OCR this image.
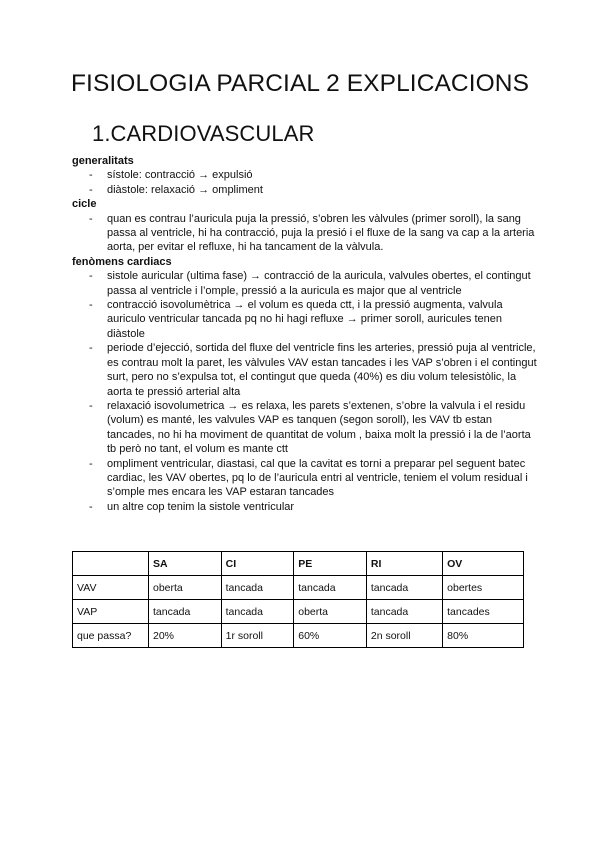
FISIOLOGIA PARCIAL 2 EXPLICACIONS
1.CARDIOVASCULAR

generalitats

- sístole: contracció → expulsió
- diàstole: relaxació → ompliment

cicle

- quan es contrau l’auricula puja la pressió, s’obren les vàlvules (primer soroll), la sang passa al ventricle, hi ha contracció, puja la presió i el fluxe de la sang va cap a la arteria aorta, per evitar el refluxe, hi ha tancament de la vàlvula.

fenòmens cardiacs

- sistole auricular (ultima fase) → contracció de la auricula, valvules obertes, el contingut passa al ventricle i l’omple, pressió a la auricula es major que al ventricle
- contracció isovolumètrica → el volum es queda ctt, i la pressió augmenta, valvula auriculo ventricular tancada pq no hi hagi refluxe → primer soroll, auricules tenen diàstole
- periode d’ejecció, sortida del fluxe del ventricle fins les arteries, pressió puja al ventricle, es contrau molt la paret, les vàlvules VAV estan tancades i les VAP s’obren i el contingut surt, pero no s’expulsa tot, el contingut que queda (40%) es diu volum telesistòlic, la aorta te pressió arterial alta
- relaxació isovolumetrica → es relaxa, les parets s’extenen, s’obre la valvula i el residu (volum) es manté, les valvules VAP es tanquen (segon soroll), les VAV tb estan tancades, no hi ha moviment de quantitat de volum , baixa molt la pressió i la de l’aorta tb però no tant, el volum es mante ctt
- ompliment ventricular, diastasi, cal que la cavitat es torni a preparar pel seguent batec cardiac, les VAV obertes, pq lo de l’auricula entri al ventricle, teniem el volum residual i s’omple mes encara les VAP estaran tancades
- un altre cop tenim la sistole ventricular
	SA	CI	PE	RI	OV
VAV	oberta	tancada	tancada	tancada	obertes
VAP	tancada	tancada	oberta	tancada	tancades
que passa?	20%	1r soroll	60%	2n soroll	80%
